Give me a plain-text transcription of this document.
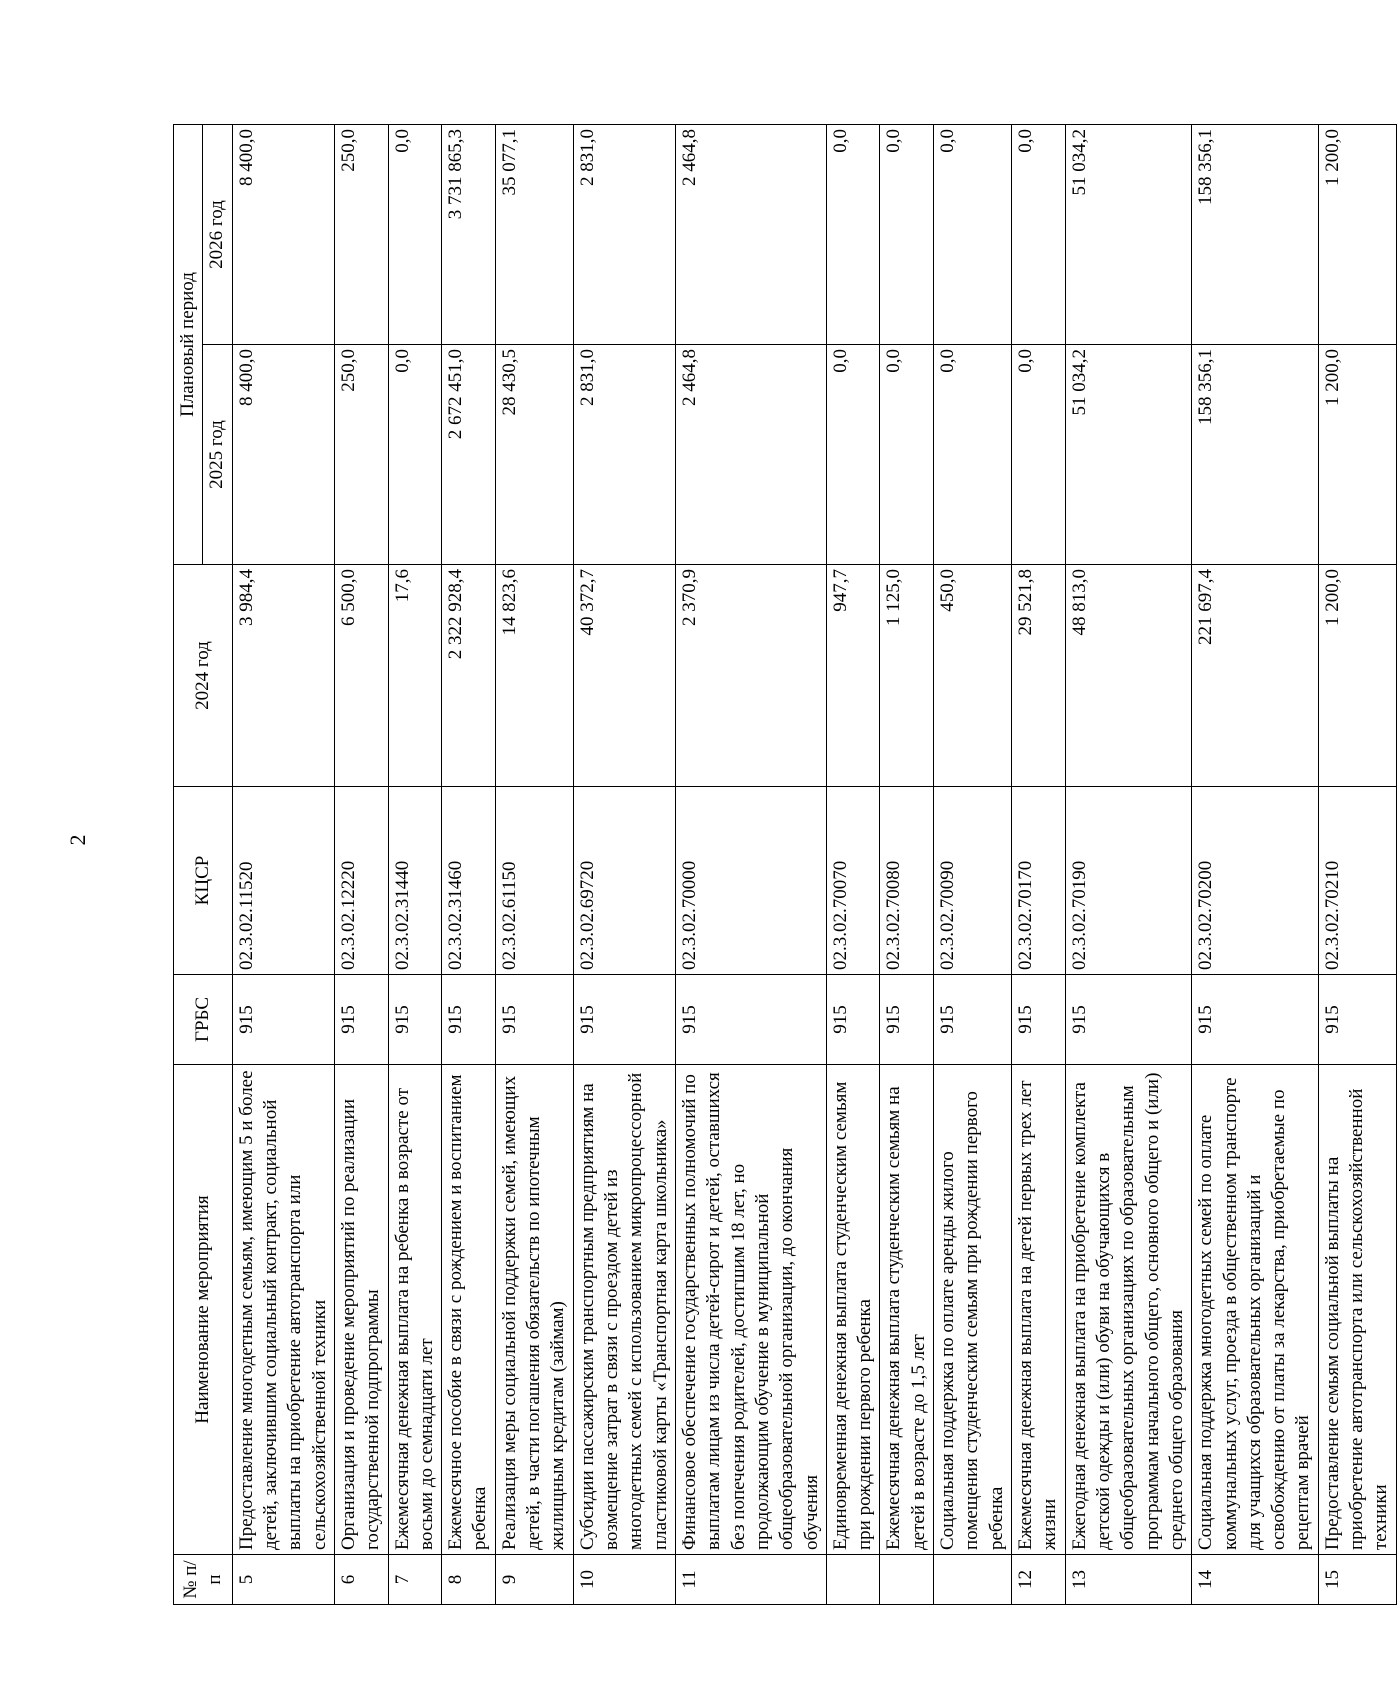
2
№ п/п	Наименование мероприятия	ГРБС	КЦСР	2024 год	Плановый период	
					2025 год	2026 год
5	Предоставление многодетным семьям, имеющим 5 и более детей, заключившим социальный контракт, социальной выплаты на приобретение автотранспорта или сельскохозяйственной техники	915	02.3.02.11520	3 984,4	8 400,0	8 400,0
6	Организация и проведение мероприятий по реализации государственной подпрограммы	915	02.3.02.12220	6 500,0	250,0	250,0
7	Ежемесячная денежная выплата на ребенка в возрасте от восьми до семнадцати лет	915	02.3.02.31440	17,6	0,0	0,0
8	Ежемесячное пособие в связи с рождением и воспитанием ребенка	915	02.3.02.31460	2 322 928,4	2 672 451,0	3 731 865,3
9	Реализация меры социальной поддержки семей, имеющих детей, в части погашения обязательств по ипотечным жилищным кредитам (займам)	915	02.3.02.61150	14 823,6	28 430,5	35 077,1
10	Субсидии пассажирским транспортным предприятиям на возмещение затрат в связи с проездом детей из многодетных семей с использованием микропроцессорной пластиковой карты «Транспортная карта школьника»	915	02.3.02.69720	40 372,7	2 831,0	2 831,0
11	Финансовое обеспечение государственных полномочий по выплатам лицам из числа детей-сирот и детей, оставшихся без попечения родителей, достигшим 18 лет, но продолжающим обучение в муниципальной общеобразовательной организации, до окончания обучения	915	02.3.02.70000	2 370,9	2 464,8	2 464,8
	Единовременная денежная выплата студенческим семьям при рождении первого ребенка	915	02.3.02.70070	947,7	0,0	0,0
	Ежемесячная денежная выплата студенческим семьям на детей в возрасте до 1,5 лет	915	02.3.02.70080	1 125,0	0,0	0,0
	Социальная поддержка по оплате аренды жилого помещения студенческим семьям при рождении первого ребенка	915	02.3.02.70090	450,0	0,0	0,0
12	Ежемесячная денежная выплата на детей первых трех лет жизни	915	02.3.02.70170	29 521,8	0,0	0,0
13	Ежегодная денежная выплата на приобретение комплекта детской одежды и (или) обуви на обучающихся в общеобразовательных организациях по образовательным программам начального общего, основного общего и (или) среднего общего образования	915	02.3.02.70190	48 813,0	51 034,2	51 034,2
14	Социальная поддержка многодетных семей по оплате коммунальных услуг, проезда в общественном транспорте для учащихся образовательных организаций и освобождению от платы за лекарства, приобретаемые по рецептам врачей	915	02.3.02.70200	221 697,4	158 356,1	158 356,1
15	Предоставление семьям социальной выплаты на приобретение автотранспорта или сельскохозяйственной техники	915	02.3.02.70210	1 200,0	1 200,0	1 200,0
